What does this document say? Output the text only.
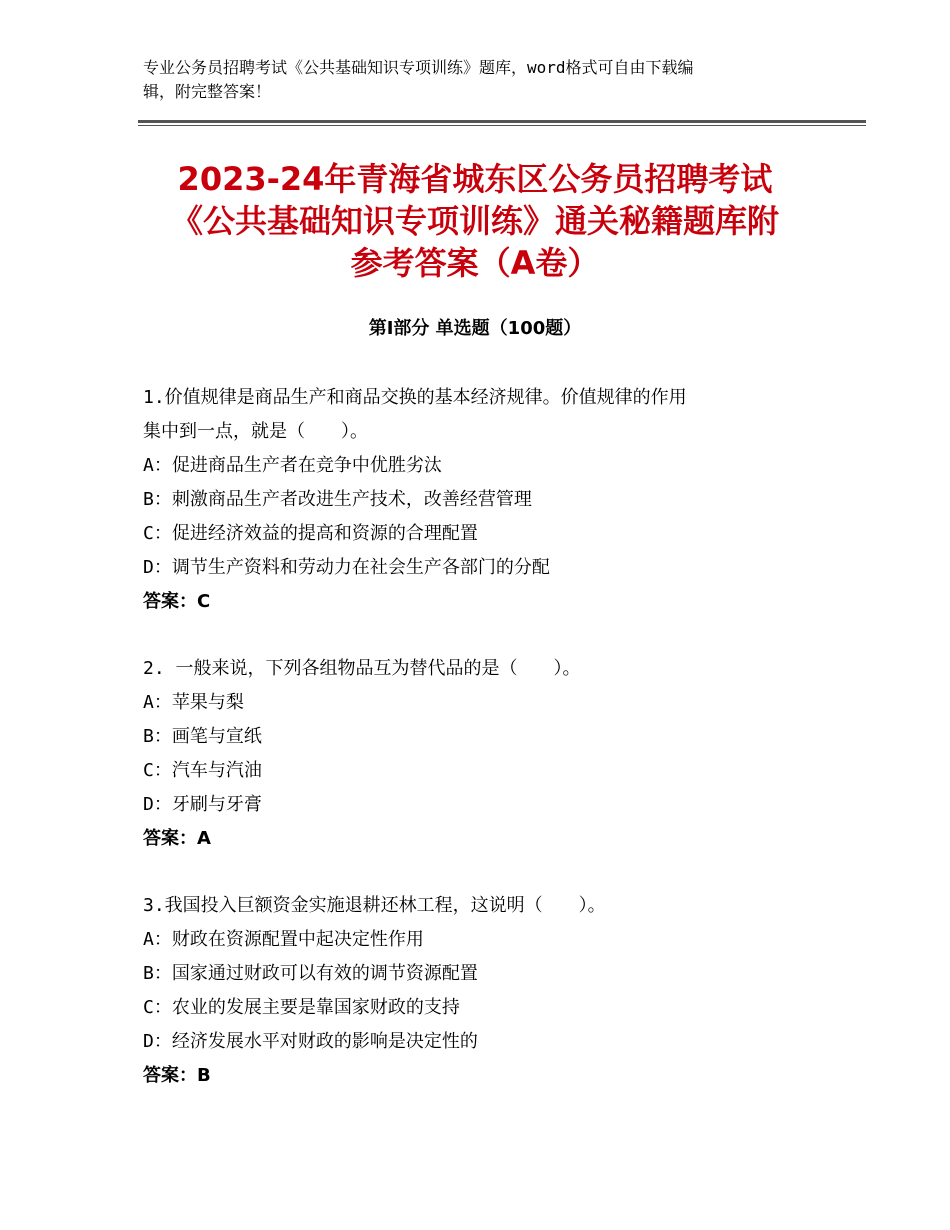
专业公务员招聘考试《公共基础知识专项训练》题库，word格式可自由下载编
辑，附完整答案！
2023-24年青海省城东区公务员招聘考试
《公共基础知识专项训练》通关秘籍题库附
参考答案（A卷）
第Ⅰ部分 单选题（100题）
1.价值规律是商品生产和商品交换的基本经济规律。价值规律的作用
集中到一点，就是（　　）。
A：促进商品生产者在竞争中优胜劣汰
B：刺激商品生产者改进生产技术，改善经营管理
C：促进经济效益的提高和资源的合理配置
D：调节生产资料和劳动力在社会生产各部门的分配
答案：C
2. 一般来说，下列各组物品互为替代品的是（　　）。
A：苹果与梨
B：画笔与宣纸
C：汽车与汽油
D：牙刷与牙膏
答案：A
3.我国投入巨额资金实施退耕还林工程，这说明（　　）。
A：财政在资源配置中起决定性作用
B：国家通过财政可以有效的调节资源配置
C：农业的发展主要是靠国家财政的支持
D：经济发展水平对财政的影响是决定性的
答案：B
